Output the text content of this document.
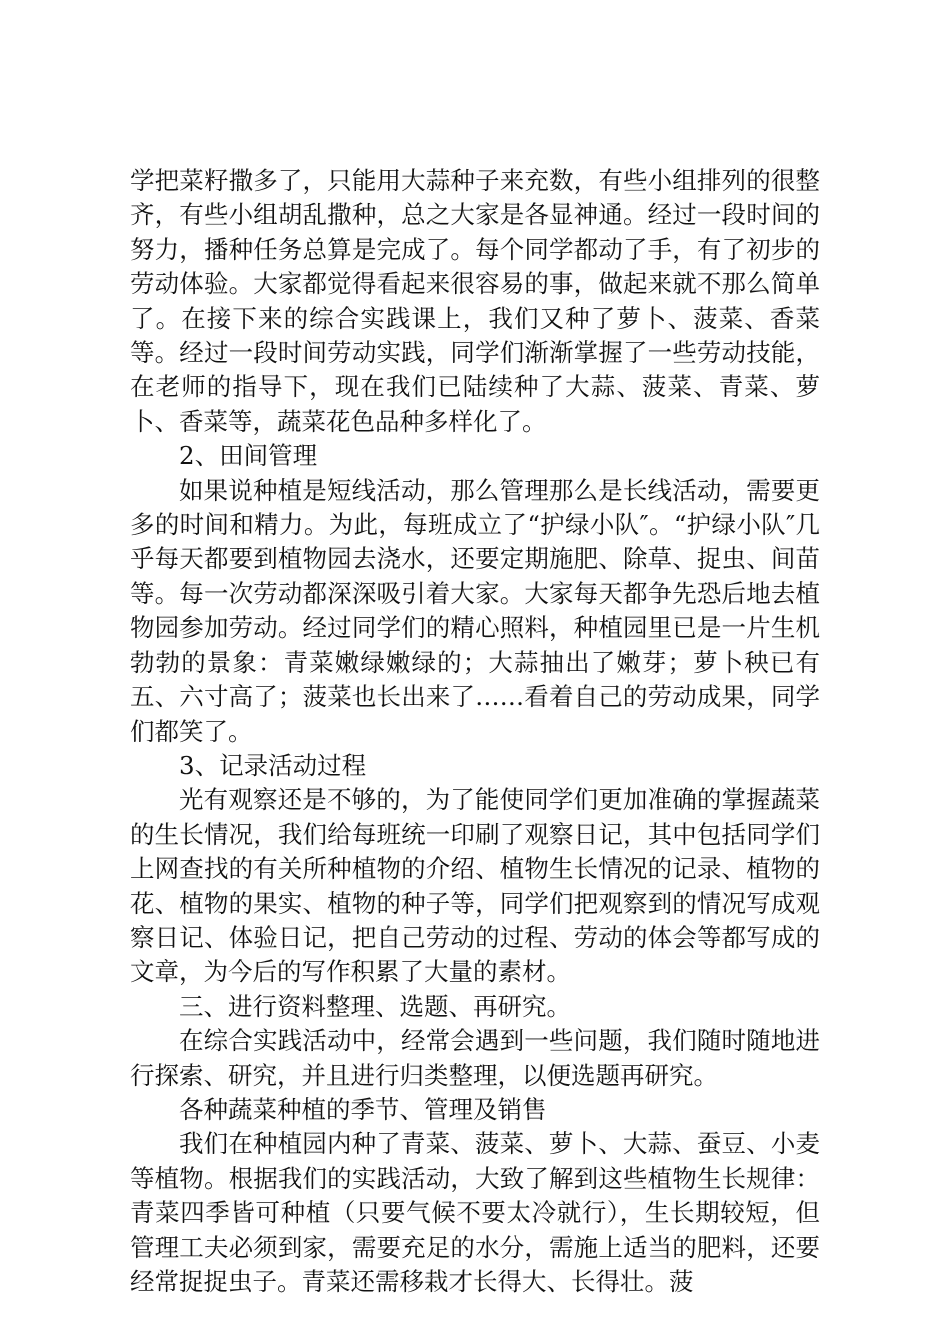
学把菜籽撒多了，只能用大蒜种子来充数，有些小组排列的很整齐，有些小组胡乱撒种，总之大家是各显神通。经过一段时间的努力，播种任务总算是完成了。每个同学都动了手，有了初步的劳动体验。大家都觉得看起来很容易的事，做起来就不那么简单了。在接下来的综合实践课上，我们又种了萝卜、菠菜、香菜等。经过一段时间劳动实践，同学们渐渐掌握了一些劳动技能，在老师的指导下，现在我们已陆续种了大蒜、菠菜、青菜、萝卜、香菜等，蔬菜花色品种多样化了。

2、田间管理

如果说种植是短线活动，那么管理那么是长线活动，需要更多的时间和精力。为此，每班成立了“护绿小队″。“护绿小队″几乎每天都要到植物园去浇水，还要定期施肥、除草、捉虫、间苗等。每一次劳动都深深吸引着大家。大家每天都争先恐后地去植物园参加劳动。经过同学们的精心照料，种植园里已是一片生机勃勃的景象：青菜嫩绿嫩绿的；大蒜抽出了嫩芽；萝卜秧已有五、六寸高了；菠菜也长出来了……看着自己的劳动成果，同学们都笑了。

3、记录活动过程

光有观察还是不够的，为了能使同学们更加准确的掌握蔬菜的生长情况，我们给每班统一印刷了观察日记，其中包括同学们上网查找的有关所种植物的介绍、植物生长情况的记录、植物的花、植物的果实、植物的种子等，同学们把观察到的情况写成观察日记、体验日记，把自己劳动的过程、劳动的体会等都写成的文章，为今后的写作积累了大量的素材。

三、进行资料整理、选题、再研究。

在综合实践活动中，经常会遇到一些问题，我们随时随地进行探索、研究，并且进行归类整理，以便选题再研究。

各种蔬菜种植的季节、管理及销售

我们在种植园内种了青菜、菠菜、萝卜、大蒜、蚕豆、小麦等植物。根据我们的实践活动，大致了解到这些植物生长规律：青菜四季皆可种植（只要气候不要太冷就行），生长期较短，但管理工夫必须到家，需要充足的水分，需施上适当的肥料，还要经常捉捉虫子。青菜还需移栽才长得大、长得壮。菠
